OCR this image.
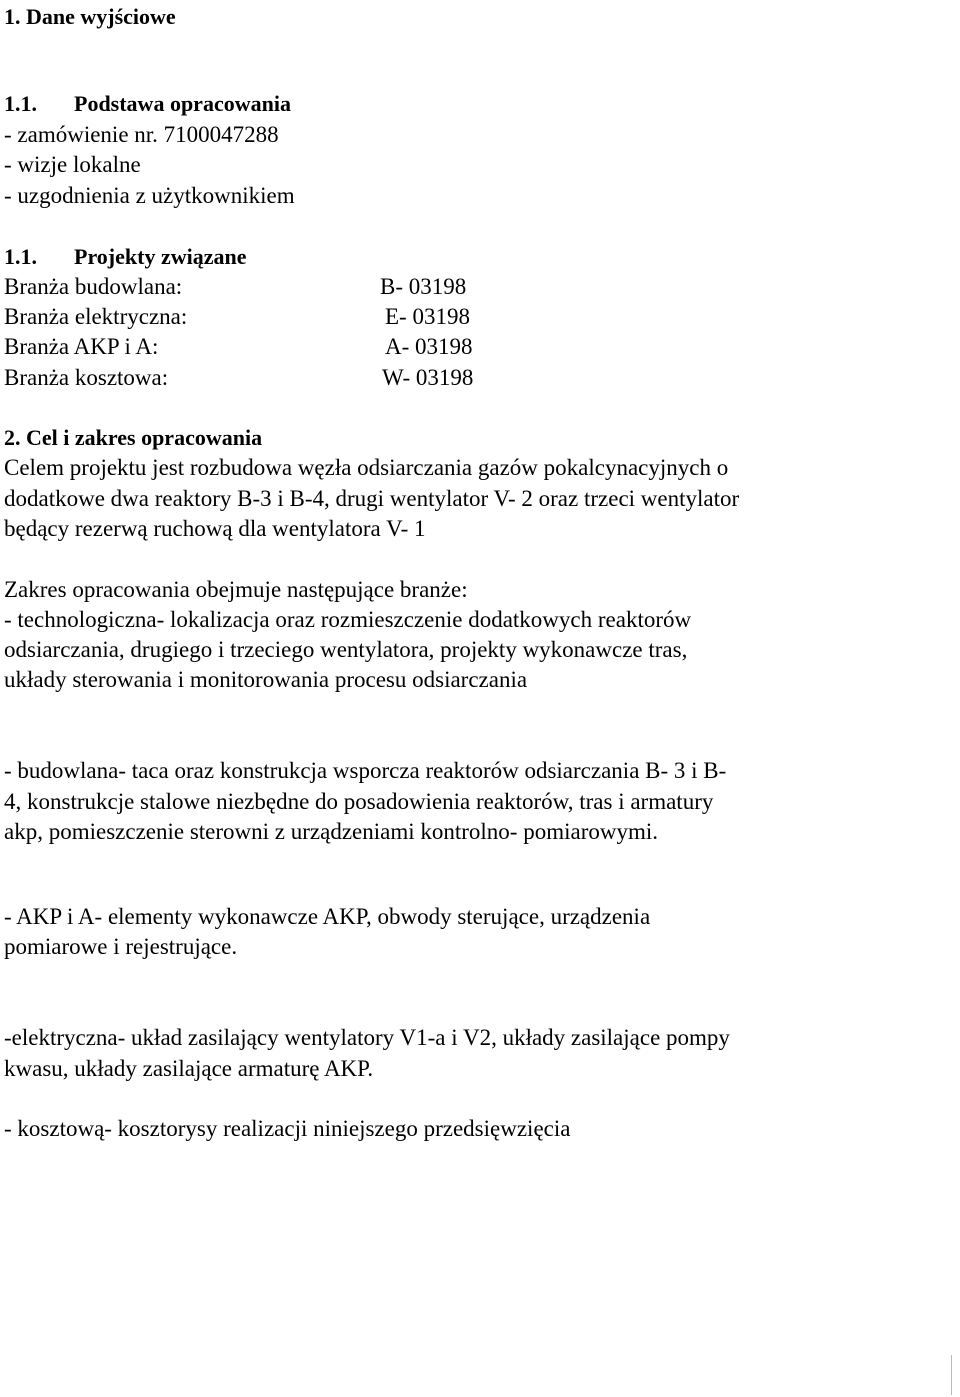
1. Dane wyjściowe
1.1. Podstawa opracowania
- zamówienie nr. 7100047288
- wizje lokalne
- uzgodnienia z użytkownikiem
1.1. Projekty związane
Branża budowlana:	B- 03198
Branża elektryczna:	E- 03198
Branża AKP i A:	A- 03198
Branża kosztowa:	W- 03198
2. Cel i zakres opracowania
Celem projektu jest rozbudowa węzła odsiarczania gazów pokalcynacyjnych o
dodatkowe dwa reaktory B-3 i B-4, drugi wentylator V- 2 oraz trzeci wentylator
będący rezerwą ruchową dla wentylatora V- 1
Zakres opracowania obejmuje następujące branże:
- technologiczna- lokalizacja oraz rozmieszczenie dodatkowych reaktorów
odsiarczania, drugiego i trzeciego wentylatora, projekty wykonawcze tras,
układy sterowania i monitorowania procesu odsiarczania
- budowlana- taca oraz konstrukcja wsporcza reaktorów odsiarczania B- 3 i B-
4, konstrukcje stalowe niezbędne do posadowienia reaktorów, tras i armatury
akp, pomieszczenie sterowni z urządzeniami kontrolno- pomiarowymi.
- AKP i A- elementy wykonawcze AKP, obwody sterujące, urządzenia
pomiarowe i rejestrujące.
-elektryczna- układ zasilający wentylatory V1-a i V2, układy zasilające pompy
kwasu, układy zasilające armaturę AKP.
- kosztową- kosztorysy realizacji niniejszego przedsięwzięcia
